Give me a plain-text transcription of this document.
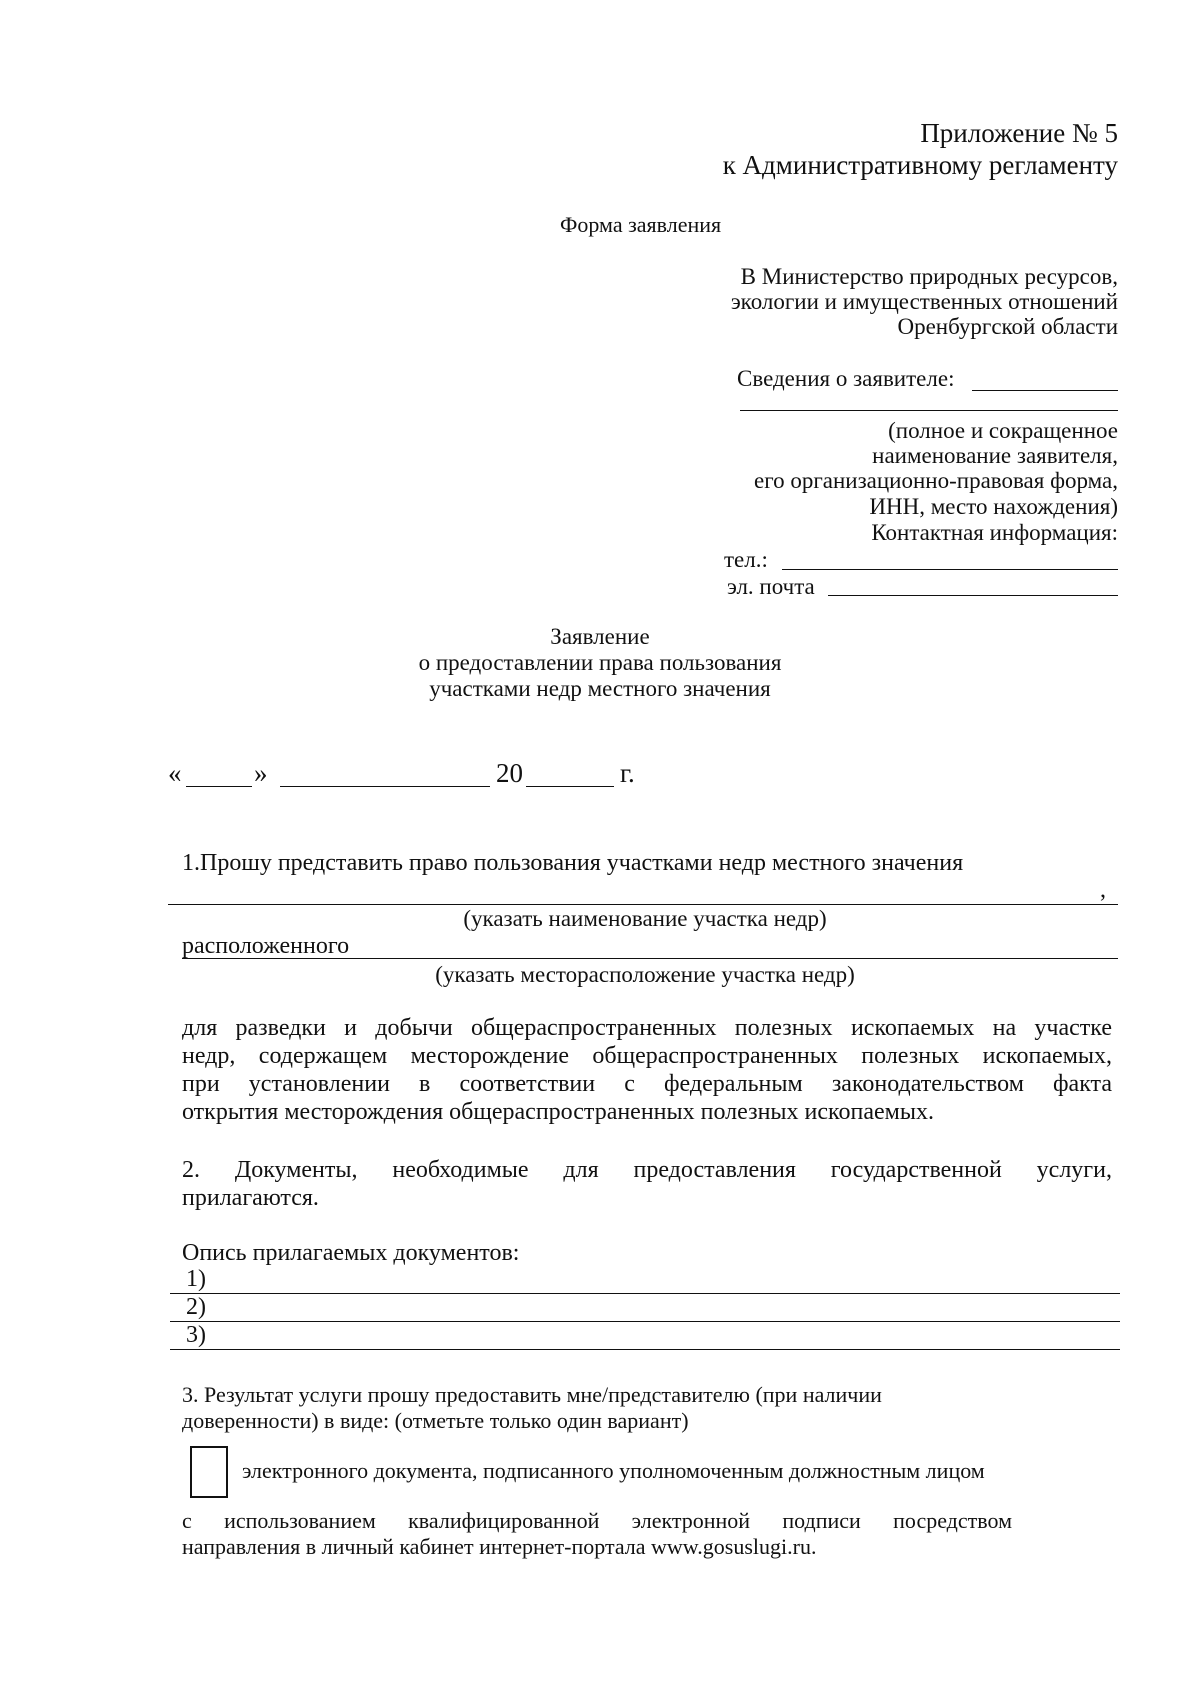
Приложение № 5
к Административному регламенту
Форма заявления
В Министерство природных ресурсов,
экологии и имущественных отношений
Оренбургской области
Сведения о заявителе:
(полное и сокращенное
наименование заявителя,
его организационно-правовая форма,
ИНН, место нахождения)
Контактная информация:
тел.:
эл. почта
Заявление
о предоставлении права пользования
участками недр местного значения
«	»	20	г.
1.Прошу представить право пользования участками недр местного значения
,
(указать наименование участка недр)
расположенного
(указать месторасположение участка недр)
для разведки и добычи общераспространенных полезных ископаемых на участке
недр, содержащем месторождение общераспространенных полезных ископаемых,
при установлении в соответствии с федеральным законодательством факта
открытия месторождения общераспространенных полезных ископаемых.
2. Документы, необходимые для предоставления государственной услуги,
прилагаются.
Опись прилагаемых документов:
1)
2)
3)
3. Результат услуги прошу предоставить мне/представителю (при наличии
доверенности) в виде: (отметьте только один вариант)
электронного документа, подписанного уполномоченным должностным лицом
с использованием квалифицированной электронной подписи посредством
направления в личный кабинет интернет-портала www.gosuslugi.ru.
